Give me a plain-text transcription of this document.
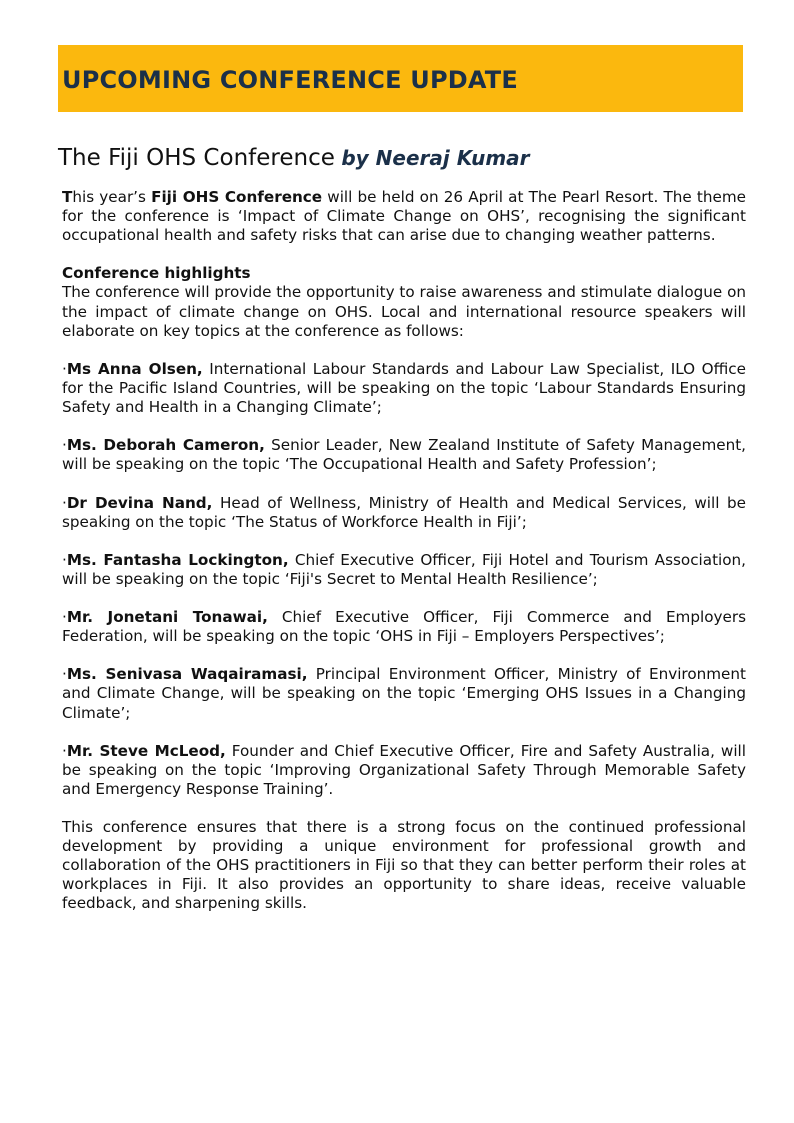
UPCOMING CONFERENCE UPDATE
The Fiji OHS Conference by Neeraj Kumar

This year’s Fiji OHS Conference will be held on 26 April at The Pearl Resort. The theme for the conference is ‘Impact of Climate Change on OHS’, recognising the significant occupational health and safety risks that can arise due to changing weather patterns.

Conference highlights

The conference will provide the opportunity to raise awareness and stimulate dialogue on the impact of climate change on OHS. Local and international resource speakers will elaborate on key topics at the conference as follows:

·Ms Anna Olsen, International Labour Standards and Labour Law Specialist, ILO Office for the Pacific Island Countries, will be speaking on the topic ‘Labour Standards Ensuring Safety and Health in a Changing Climate’;

·Ms. Deborah Cameron, Senior Leader, New Zealand Institute of Safety Management, will be speaking on the topic ‘The Occupational Health and Safety Profession’;

·Dr Devina Nand, Head of Wellness, Ministry of Health and Medical Services, will be speaking on the topic ‘The Status of Workforce Health in Fiji’;

·Ms. Fantasha Lockington, Chief Executive Officer, Fiji Hotel and Tourism Association, will be speaking on the topic ‘Fiji's Secret to Mental Health Resilience’;

·Mr. Jonetani Tonawai, Chief Executive Officer, Fiji Commerce and Employers Federation, will be speaking on the topic ‘OHS in Fiji – Employers Perspectives’;

·Ms. Senivasa Waqairamasi, Principal Environment Officer, Ministry of Environment and Climate Change, will be speaking on the topic ‘Emerging OHS Issues in a Changing Climate’;

·Mr. Steve McLeod, Founder and Chief Executive Officer, Fire and Safety Australia, will be speaking on the topic ‘Improving Organizational Safety Through Memorable Safety and Emergency Response Training’.

This conference ensures that there is a strong focus on the continued professional development by providing a unique environment for professional growth and collaboration of the OHS practitioners in Fiji so that they can better perform their roles at workplaces in Fiji. It also provides an opportunity to share ideas, receive valuable feedback, and sharpening skills.
